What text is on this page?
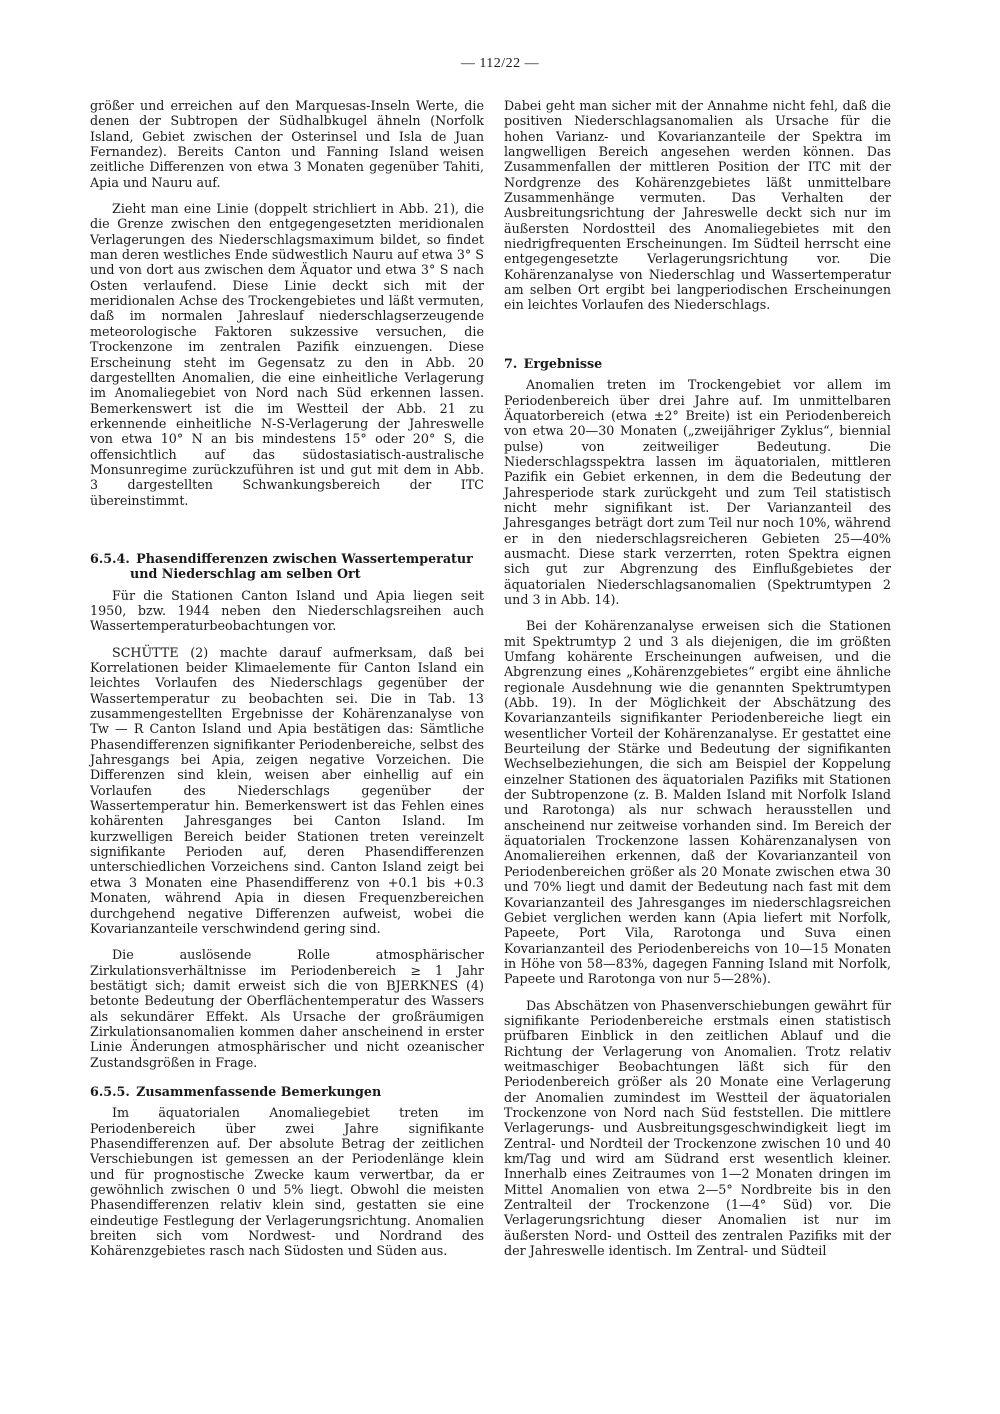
— 112/22 —

größer und erreichen auf den Marquesas-Inseln Werte, die denen der Subtropen der Südhalbkugel ähneln (Norfolk Island, Gebiet zwischen der Osterinsel und Isla de Juan Fernandez). Bereits Canton und Fanning Island weisen zeitliche Differenzen von etwa 3 Monaten gegenüber Tahiti, Apia und Nauru auf.

Zieht man eine Linie (doppelt strichliert in Abb. 21), die die Grenze zwischen den entgegengesetzten meridionalen Verlagerungen des Niederschlagsmaximum bildet, so findet man deren westliches Ende südwestlich Nauru auf etwa 3° S und von dort aus zwischen dem Äquator und etwa 3° S nach Osten verlaufend. Diese Linie deckt sich mit der meridionalen Achse des Trockengebietes und läßt vermuten, daß im normalen Jahreslauf niederschlagserzeugende meteorologische Faktoren sukzessive versuchen, die Trockenzone im zentralen Pazifik einzuengen. Diese Erscheinung steht im Gegensatz zu den in Abb. 20 dargestellten Anomalien, die eine einheitliche Verlagerung im Anomaliegebiet von Nord nach Süd erkennen lassen. Bemerkenswert ist die im Westteil der Abb. 21 zu erkennende einheitliche N-S-Verlagerung der Jahreswelle von etwa 10° N an bis mindestens 15° oder 20° S, die offensichtlich auf das südostasiatisch-australische Monsunregime zurückzuführen ist und gut mit dem in Abb. 3 dargestellten Schwankungsbereich der ITC übereinstimmt.

6.5.4. Phasendifferenzen zwischen Wassertemperatur
und Niederschlag am selben Ort

Für die Stationen Canton Island und Apia liegen seit 1950, bzw. 1944 neben den Niederschlagsreihen auch Wassertemperaturbeobachtungen vor.

SCHÜTTE (2) machte darauf aufmerksam, daß bei Korrelationen beider Klimaelemente für Canton Island ein leichtes Vorlaufen des Niederschlags gegenüber der Wassertemperatur zu beobachten sei. Die in Tab. 13 zusammengestellten Ergebnisse der Kohärenzanalyse von Tw — R Canton Island und Apia bestätigen das: Sämtliche Phasendifferenzen signifikanter Periodenbereiche, selbst des Jahresgangs bei Apia, zeigen negative Vorzeichen. Die Differenzen sind klein, weisen aber einhellig auf ein Vorlaufen des Niederschlags gegenüber der Wassertemperatur hin. Bemerkenswert ist das Fehlen eines kohärenten Jahresganges bei Canton Island. Im kurzwelligen Bereich beider Stationen treten vereinzelt signifikante Perioden auf, deren Phasendifferenzen unterschiedlichen Vorzeichens sind. Canton Island zeigt bei etwa 3 Monaten eine Phasendifferenz von +0.1 bis +0.3 Monaten, während Apia in diesen Frequenzbereichen durchgehend negative Differenzen aufweist, wobei die Kovarianzanteile verschwindend gering sind.

Die auslösende Rolle atmosphärischer Zirkulationsverhältnisse im Periodenbereich ≥ 1 Jahr bestätigt sich; damit erweist sich die von BJERKNES (4) betonte Bedeutung der Oberflächentemperatur des Wassers als sekundärer Effekt. Als Ursache der großräumigen Zirkulationsanomalien kommen daher anscheinend in erster Linie Änderungen atmosphärischer und nicht ozeanischer Zustandsgrößen in Frage.

6.5.5. Zusammenfassende Bemerkungen

Im äquatorialen Anomaliegebiet treten im Periodenbereich über zwei Jahre signifikante Phasendifferenzen auf. Der absolute Betrag der zeitlichen Verschiebungen ist gemessen an der Periodenlänge klein und für prognostische Zwecke kaum verwertbar, da er gewöhnlich zwischen 0 und 5% liegt. Obwohl die meisten Phasendifferenzen relativ klein sind, gestatten sie eine eindeutige Festlegung der Verlagerungsrichtung. Anomalien breiten sich vom Nordwest- und Nordrand des Kohärenzgebietes rasch nach Südosten und Süden aus.

Dabei geht man sicher mit der Annahme nicht fehl, daß die positiven Niederschlagsanomalien als Ursache für die hohen Varianz- und Kovarianzanteile der Spektra im langwelligen Bereich angesehen werden können. Das Zusammenfallen der mittleren Position der ITC mit der Nordgrenze des Kohärenzgebietes läßt unmittelbare Zusammenhänge vermuten. Das Verhalten der Ausbreitungsrichtung der Jahreswelle deckt sich nur im äußersten Nordostteil des Anomaliegebietes mit den niedrigfrequenten Erscheinungen. Im Südteil herrscht eine entgegengesetzte Verlagerungsrichtung vor. Die Kohärenzanalyse von Niederschlag und Wassertemperatur am selben Ort ergibt bei langperiodischen Erscheinungen ein leichtes Vorlaufen des Niederschlags.

7. Ergebnisse

Anomalien treten im Trockengebiet vor allem im Periodenbereich über drei Jahre auf. Im unmittelbaren Äquatorbereich (etwa ±2° Breite) ist ein Periodenbereich von etwa 20—30 Monaten („zweijähriger Zyklus“, biennial pulse) von zeitweiliger Bedeutung. Die Niederschlagsspektra lassen im äquatorialen, mittleren Pazifik ein Gebiet erkennen, in dem die Bedeutung der Jahresperiode stark zurückgeht und zum Teil statistisch nicht mehr signifikant ist. Der Varianzanteil des Jahresganges beträgt dort zum Teil nur noch 10%, während er in den niederschlagsreicheren Gebieten 25—40% ausmacht. Diese stark verzerrten, roten Spektra eignen sich gut zur Abgrenzung des Einflußgebietes der äquatorialen Niederschlagsanomalien (Spektrumtypen 2 und 3 in Abb. 14).

Bei der Kohärenzanalyse erweisen sich die Stationen mit Spektrumtyp 2 und 3 als diejenigen, die im größten Umfang kohärente Erscheinungen aufweisen, und die Abgrenzung eines „Kohärenzgebietes“ ergibt eine ähnliche regionale Ausdehnung wie die genannten Spektrumtypen (Abb. 19). In der Möglichkeit der Abschätzung des Kovarianzanteils signifikanter Periodenbereiche liegt ein wesentlicher Vorteil der Kohärenzanalyse. Er gestattet eine Beurteilung der Stärke und Bedeutung der signifikanten Wechselbeziehungen, die sich am Beispiel der Koppelung einzelner Stationen des äquatorialen Pazifiks mit Stationen der Subtropenzone (z. B. Malden Island mit Norfolk Island und Rarotonga) als nur schwach herausstellen und anscheinend nur zeitweise vorhanden sind. Im Bereich der äquatorialen Trockenzone lassen Kohärenzanalysen von Anomaliereihen erkennen, daß der Kovarianzanteil von Periodenbereichen größer als 20 Monate zwischen etwa 30 und 70% liegt und damit der Bedeutung nach fast mit dem Kovarianzanteil des Jahresganges im niederschlagsreichen Gebiet verglichen werden kann (Apia liefert mit Norfolk, Papeete, Port Vila, Rarotonga und Suva einen Kovarianzanteil des Periodenbereichs von 10—15 Monaten in Höhe von 58—83%, dagegen Fanning Island mit Norfolk, Papeete und Rarotonga von nur 5—28%).

Das Abschätzen von Phasenverschiebungen gewährt für signifikante Periodenbereiche erstmals einen statistisch prüfbaren Einblick in den zeitlichen Ablauf und die Richtung der Verlagerung von Anomalien. Trotz relativ weitmaschiger Beobachtungen läßt sich für den Periodenbereich größer als 20 Monate eine Verlagerung der Anomalien zumindest im Westteil der äquatorialen Trockenzone von Nord nach Süd feststellen. Die mittlere Verlagerungs- und Ausbreitungsgeschwindigkeit liegt im Zentral- und Nordteil der Trockenzone zwischen 10 und 40 km/Tag und wird am Südrand erst wesentlich kleiner. Innerhalb eines Zeitraumes von 1—2 Monaten dringen im Mittel Anomalien von etwa 2—5° Nordbreite bis in den Zentralteil der Trockenzone (1—4° Süd) vor. Die Verlagerungsrichtung dieser Anomalien ist nur im äußersten Nord- und Ostteil des zentralen Pazifiks mit der der Jahreswelle identisch. Im Zentral- und Südteil
